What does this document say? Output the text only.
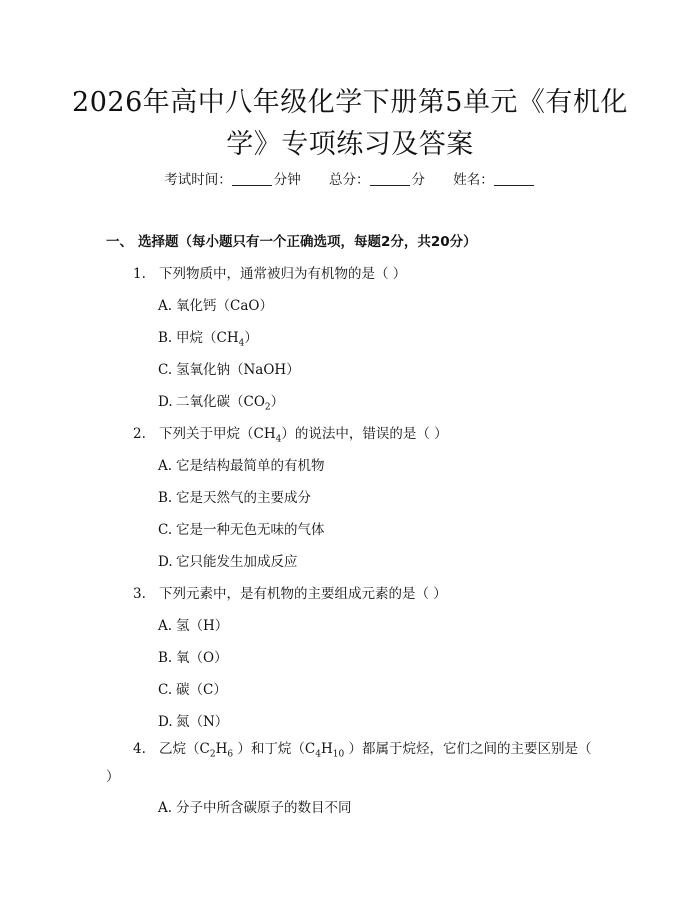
2026年高中八年级化学下册第5单元《有机化学》专项练习及答案
考试时间：	分钟 总分：	分 姓名：
一、 选择题（每小题只有一个正确选项，每题2分，共20分）
1. 下列物质中，通常被归为有机物的是（ ）
A. 氧化钙（CaO）
B. 甲烷$(CH_4)$
C. 氢氧化钠（NaOH）
D. 二氧化碳$(CO_2)$
2. 下列关于甲烷$(CH_4)$的说法中，错误的是（ ）
A. 它是结构最简单的有机物
B. 它是天然气的主要成分
C. 它是一种无色无味的气体
D. 它只能发生加成反应
3. 下列元素中，是有机物的主要组成元素的是（ ）
A. 氢（H）
B. 氧（O）
C. 碳（C）
D. 氮（N）
4. 乙烷（$C_2H_6$ ）和丁烷（$C_4H_{10}$ ）都属于烷烃，它们之间的主要区别是（ ）
A. 分子中所含碳原子的数目不同
